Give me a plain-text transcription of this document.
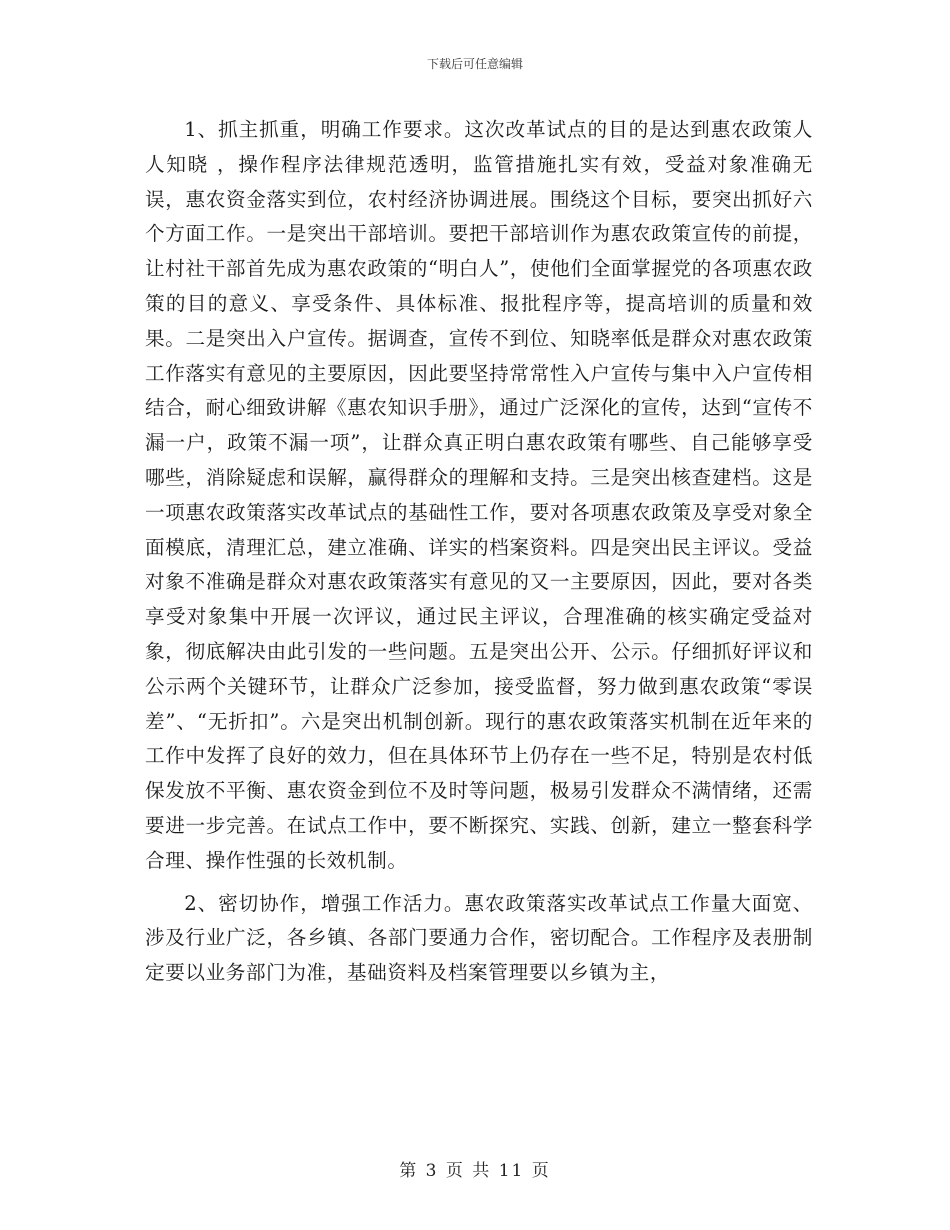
下载后可任意编辑

1、抓主抓重，明确工作要求。这次改革试点的目的是达到惠农政策人人知晓 ，操作程序法律规范透明，监管措施扎实有效，受益对象准确无误，惠农资金落实到位，农村经济协调进展。围绕这个目标，要突出抓好六个方面工作。一是突出干部培训。要把干部培训作为惠农政策宣传的前提，让村社干部首先成为惠农政策的“明白人”，使他们全面掌握党的各项惠农政策的目的意义、享受条件、具体标准、报批程序等，提高培训的质量和效果。二是突出入户宣传。据调查，宣传不到位、知晓率低是群众对惠农政策工作落实有意见的主要原因，因此要坚持常常性入户宣传与集中入户宣传相结合，耐心细致讲解《惠农知识手册》，通过广泛深化的宣传，达到“宣传不漏一户，政策不漏一项”，让群众真正明白惠农政策有哪些、自己能够享受哪些，消除疑虑和误解，赢得群众的理解和支持。三是突出核查建档。这是一项惠农政策落实改革试点的基础性工作，要对各项惠农政策及享受对象全面模底，清理汇总，建立准确、详实的档案资料。四是突出民主评议。受益对象不准确是群众对惠农政策落实有意见的又一主要原因，因此，要对各类享受对象集中开展一次评议，通过民主评议，合理准确的核实确定受益对象，彻底解决由此引发的一些问题。五是突出公开、公示。仔细抓好评议和公示两个关键环节，让群众广泛参加，接受监督，努力做到惠农政策“零误差”、“无折扣”。六是突出机制创新。现行的惠农政策落实机制在近年来的工作中发挥了良好的效力，但在具体环节上仍存在一些不足，特别是农村低保发放不平衡、惠农资金到位不及时等问题，极易引发群众不满情绪，还需要进一步完善。在试点工作中，要不断探究、实践、创新，建立一整套科学合理、操作性强的长效机制。

2、密切协作，增强工作活力。惠农政策落实改革试点工作量大面宽、涉及行业广泛，各乡镇、各部门要通力合作，密切配合。工作程序及表册制定要以业务部门为准，基础资料及档案管理要以乡镇为主，

第 3 页 共 11 页
